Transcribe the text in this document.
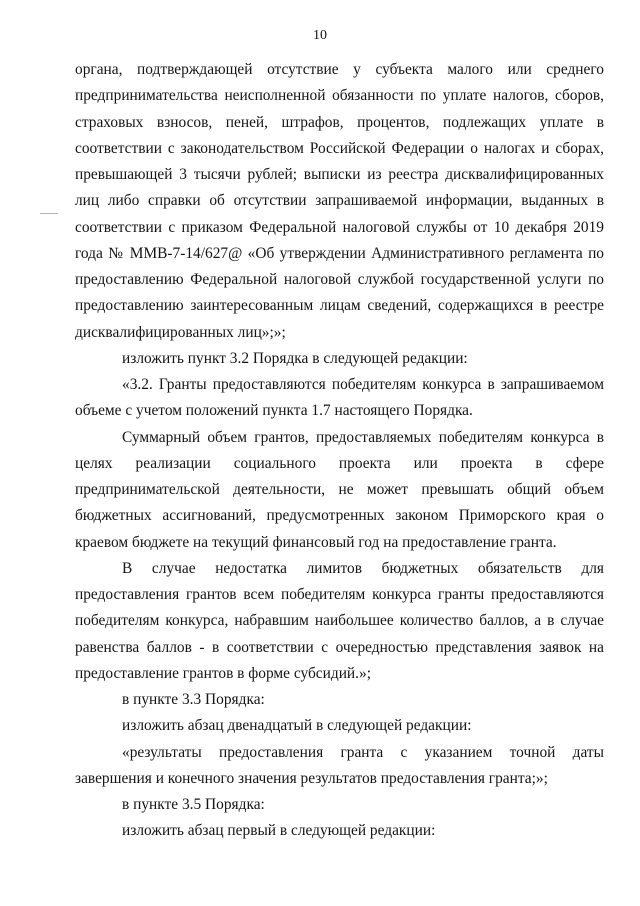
10

органа, подтверждающей отсутствие у субъекта малого или среднего предпринимательства неисполненной обязанности по уплате налогов, сборов, страховых взносов, пеней, штрафов, процентов, подлежащих уплате в соответствии с законодательством Российской Федерации о налогах и сборах, превышающей 3 тысячи рублей; выписки из реестра дисквалифицированных лиц либо справки об отсутствии запрашиваемой информации, выданных в соответствии с приказом Федеральной налоговой службы от 10 декабря 2019 года № ММВ-7-14/627@ «Об утверждении Административного регламента по предоставлению Федеральной налоговой службой государственной услуги по предоставлению заинтересованным лицам сведений, содержащихся в реестре дисквалифицированных лиц»;»;

изложить пункт 3.2 Порядка в следующей редакции:

«3.2. Гранты предоставляются победителям конкурса в запрашиваемом объеме с учетом положений пункта 1.7 настоящего Порядка.

Суммарный объем грантов, предоставляемых победителям конкурса в целях реализации социального проекта или проекта в сфере предпринимательской деятельности, не может превышать общий объем бюджетных ассигнований, предусмотренных законом Приморского края о краевом бюджете на текущий финансовый год на предоставление гранта.

В случае недостатка лимитов бюджетных обязательств для предоставления грантов всем победителям конкурса гранты предоставляются победителям конкурса, набравшим наибольшее количество баллов, а в случае равенства баллов - в соответствии с очередностью представления заявок на предоставление грантов в форме субсидий.»;

в пункте 3.3 Порядка:

изложить абзац двенадцатый в следующей редакции:

«результаты предоставления гранта с указанием точной даты завершения и конечного значения результатов предоставления гранта;»;

в пункте 3.5 Порядка:

изложить абзац первый в следующей редакции:
